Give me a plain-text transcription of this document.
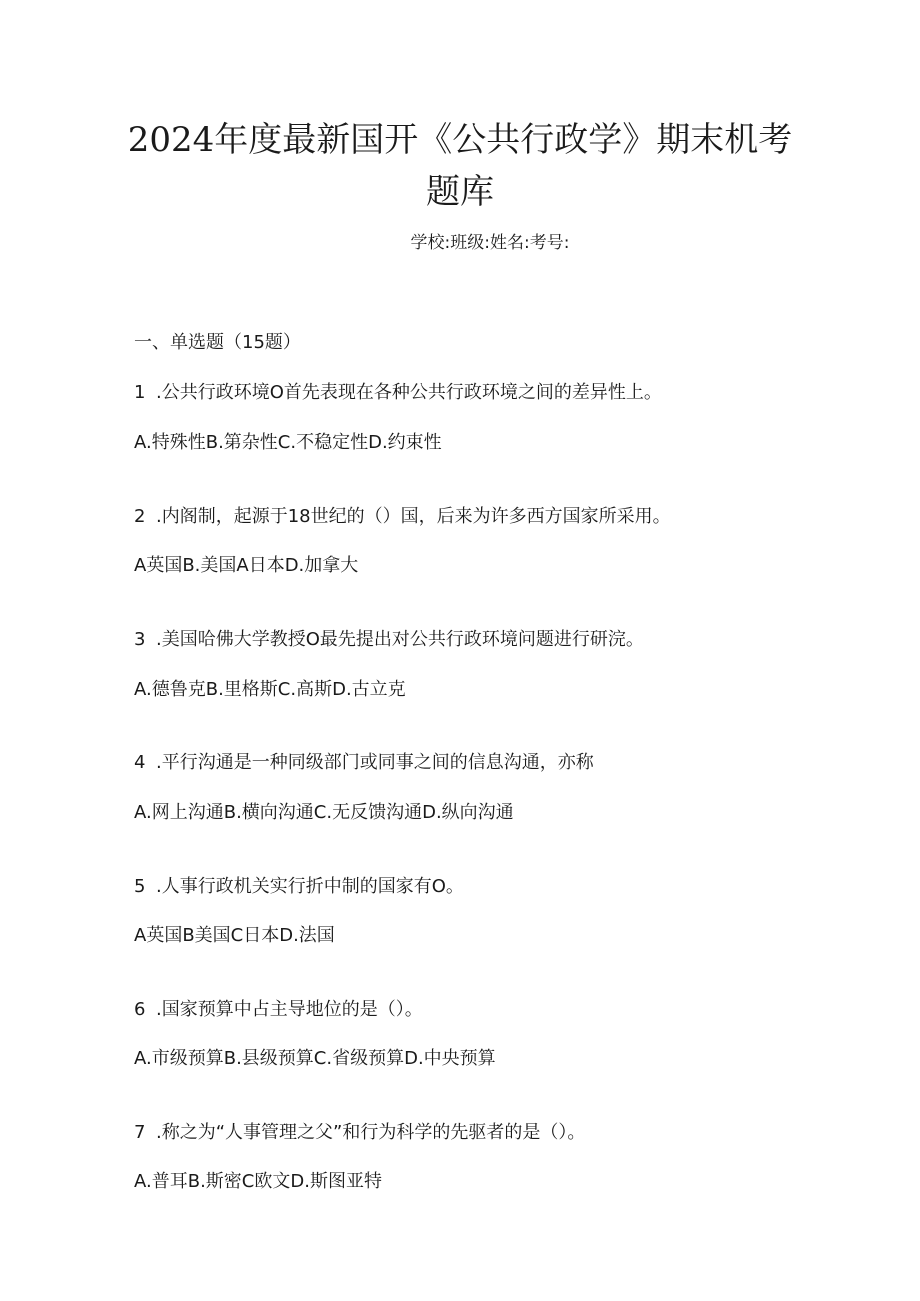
2024年度最新国开《公共行政学》期末机考
题库
学校:班级:姓名:考号:
一、单选题（15题）
1 .公共行政环境O首先表现在各种公共行政环境之间的差异性上。
A.特殊性B.第杂性C.不稳定性D.约束性
2 .内阁制，起源于18世纪的（）国，后来为许多西方国家所采用。
A英国B.美国A日本D.加拿大
3 .美国哈佛大学教授O最先提出对公共行政环境问题进行研浣。
A.德鲁克B.里格斯C.高斯D.古立克
4 .平行沟通是一种同级部门或同事之间的信息沟通，亦称
A.网上沟通B.横向沟通C.无反馈沟通D.纵向沟通
5 .人事行政机关实行折中制的国家有O。
A英国B美国C日本D.法国
6 .国家预算中占主导地位的是（）。
A.市级预算B.县级预算C.省级预算D.中央预算
7 .称之为“人事管理之父”和行为科学的先驱者的是（）。
A.普耳B.斯密C欧文D.斯图亚特
